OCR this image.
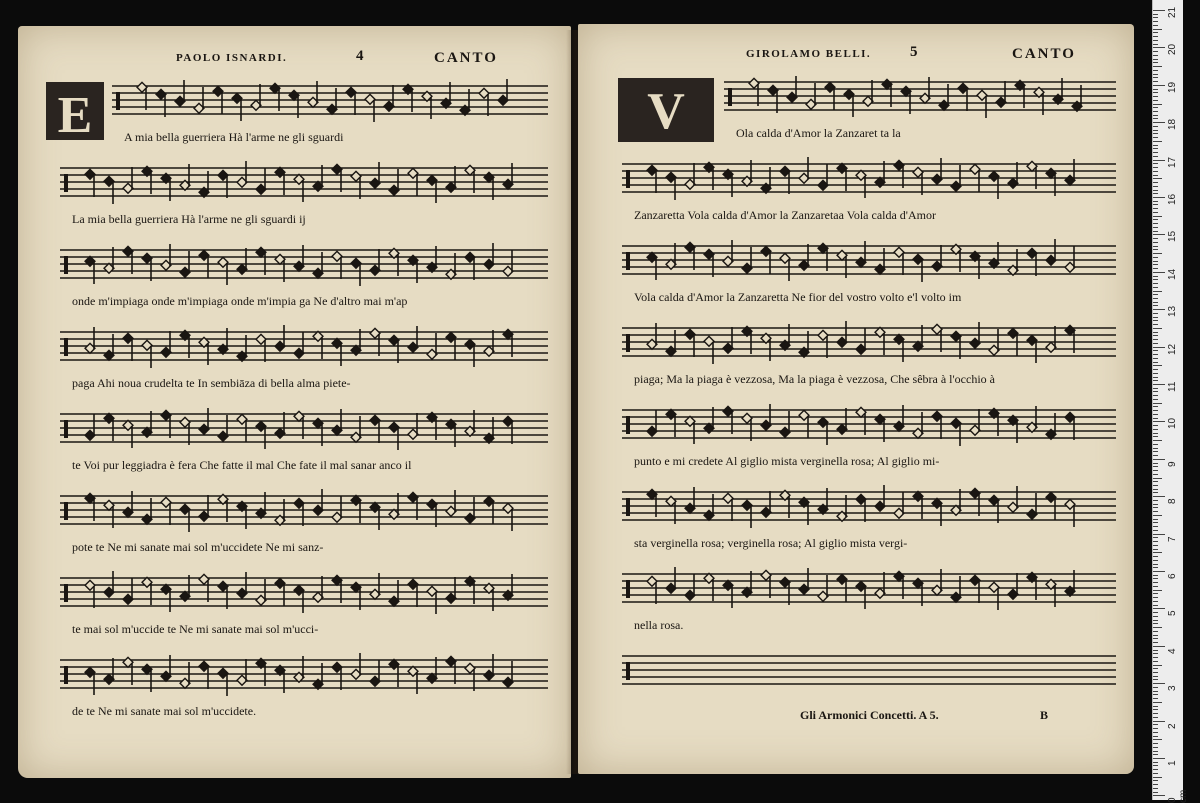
PAOLO ISNARDI.	4	CANTO
E
GIROLAMO BELLI.	5	CANTO
V
A mia bella guerriera Hà l'arme ne gli sguardi
La mia bella guerriera Hà l'arme ne gli sguardi ij
onde m'impiaga onde m'impiaga onde m'impia ga Ne d'altro mai m'ap
paga Ahi noua crudelta te In sembiāza di bella alma piete-
te Voi pur leggiadra è fera Che fatte il mal Che fate il mal sanar anco il
pote te Ne mi sanate mai sol m'uccidete Ne mi sanz-
te mai sol m'uccide te Ne mi sanate mai sol m'ucci-
de te Ne mi sanate mai sol m'uccidete.
Ola calda d'Amor la Zanzaret ta la
Zanzaretta Vola calda d'Amor la Zanzaretaa Vola calda d'Amor
Vola calda d'Amor la Zanzaretta Ne fior del vostro volto e'l volto im
piaga; Ma la piaga è vezzosa, Ma la piaga è vezzosa, Che sêbra à l'occhio à
punto e mi credete Al giglio mista verginella rosa; Al giglio mi-
sta verginella rosa; verginella rosa; Al giglio mista vergi-
nella rosa.
Gli Armonici Concetti. A 5.	B
21
20
19
18
17
16
15
14
13
12
11
10
9
8
7
6
5
4
3
2
1
0 cm
